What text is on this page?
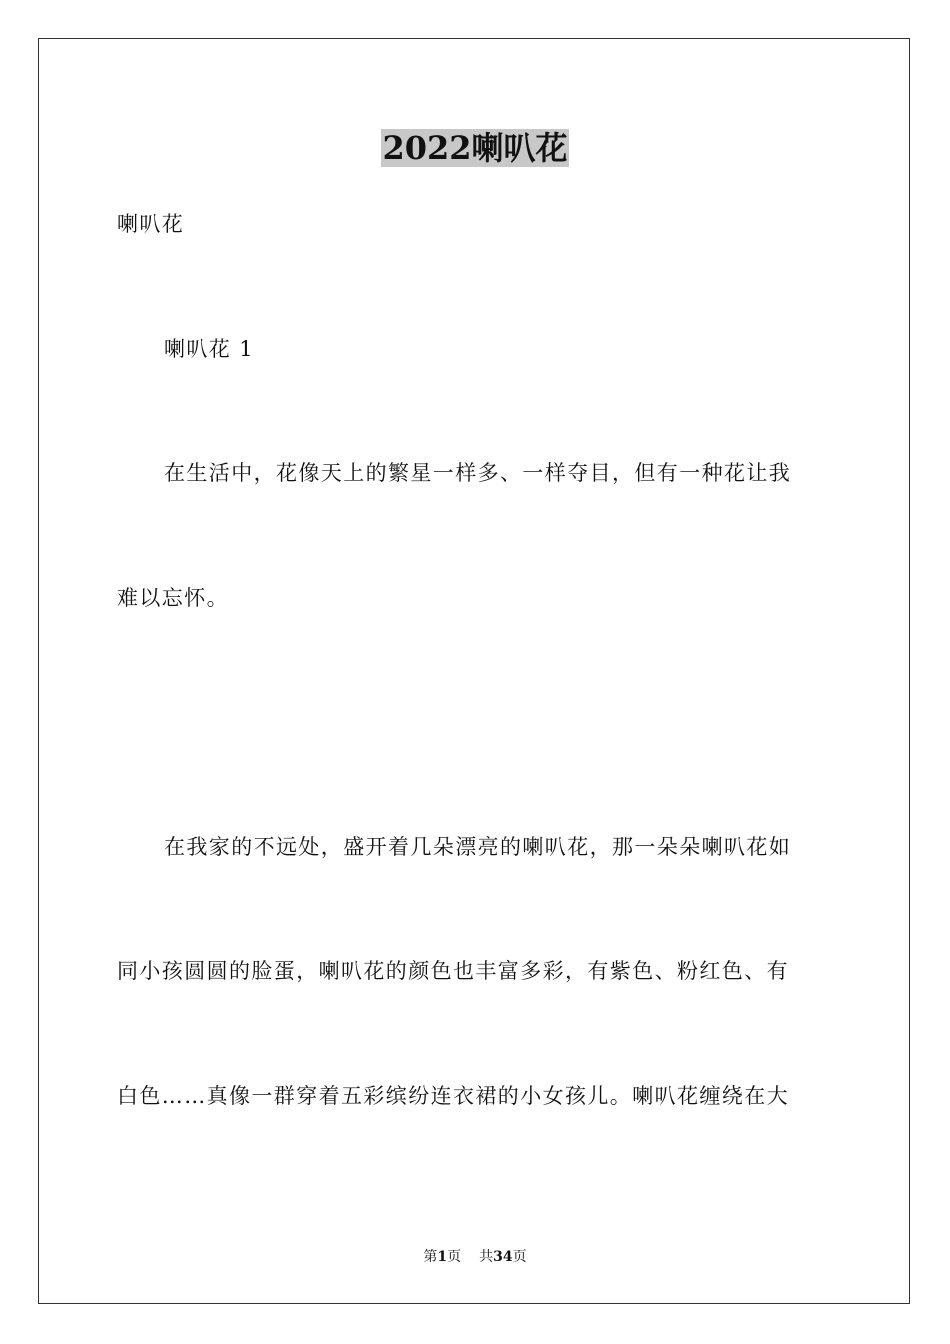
2022喇叭花
喇叭花
喇叭花 1
在生活中，花像天上的繁星一样多、一样夺目，但有一种花让我
难以忘怀。
在我家的不远处，盛开着几朵漂亮的喇叭花，那一朵朵喇叭花如
同小孩圆圆的脸蛋，喇叭花的颜色也丰富多彩，有紫色、粉红色、有
白色……真像一群穿着五彩缤纷连衣裙的小女孩儿。喇叭花缠绕在大
第1页 共34页
